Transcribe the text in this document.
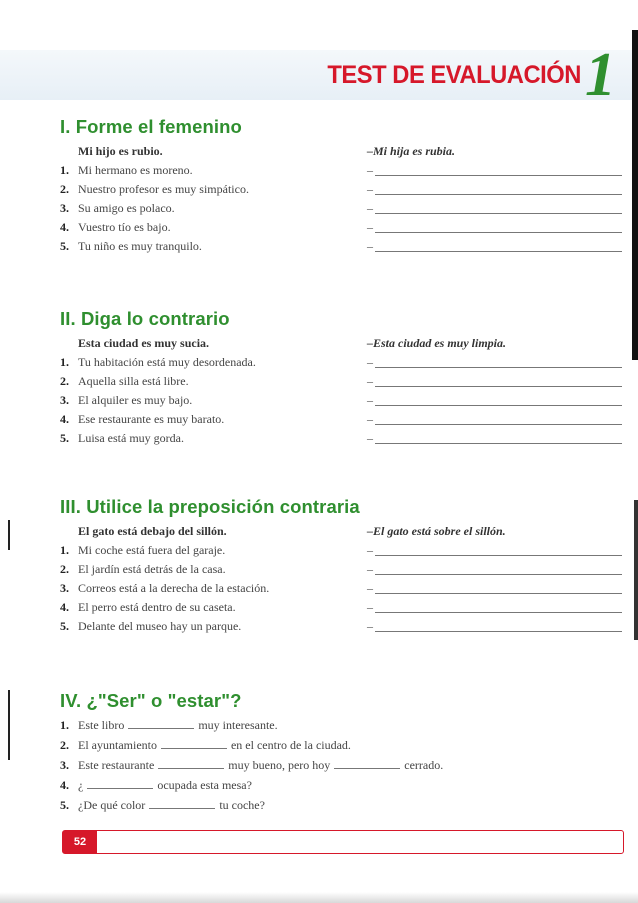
TEST DE EVALUACIÓN 1
I. Forme el femenino
Mi hijo es rubio.	–Mi hija es rubia.
1. Mi hermano es moreno.	–
2. Nuestro profesor es muy simpático.	–
3. Su amigo es polaco.	–
4. Vuestro tío es bajo.	–
5. Tu niño es muy tranquilo.	–
II. Diga lo contrario
Esta ciudad es muy sucia.	–Esta ciudad es muy limpia.
1. Tu habitación está muy desordenada.	–
2. Aquella silla está libre.	–
3. El alquiler es muy bajo.	–
4. Ese restaurante es muy barato.	–
5. Luisa está muy gorda.	–
III. Utilice la preposición contraria
El gato está debajo del sillón.	–El gato está sobre el sillón.
1. Mi coche está fuera del garaje.	–
2. El jardín está detrás de la casa.	–
3. Correos está a la derecha de la estación.	–
4. El perro está dentro de su caseta.	–
5. Delante del museo hay un parque.	–
IV. ¿"Ser" o "estar"?
1. Este libro	muy interesante.
2. El ayuntamiento	en el centro de la ciudad.
3. Este restaurante	muy bueno, pero hoy	cerrado.
4. ¿	ocupada esta mesa?
5. ¿De qué color	tu coche?
52
